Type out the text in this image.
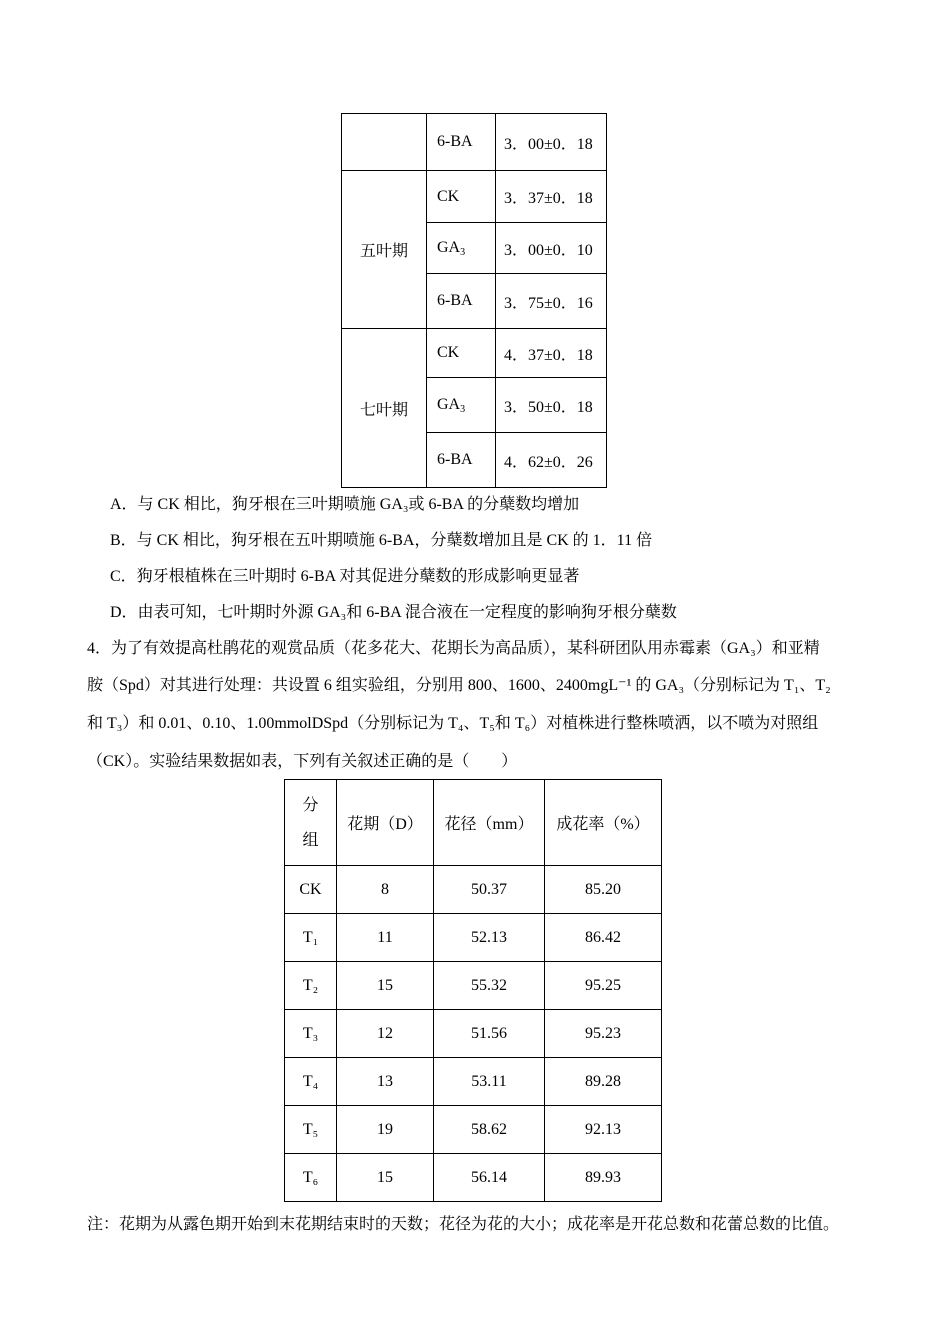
	6-BA	3．00±0．18
五叶期	CK	3．37±0．18
	$GA_3$	3．00±0．10
	6-BA	3．75±0．16
七叶期	CK	4．37±0．18
	$GA_3$	3．50±0．18
	6-BA	4．62±0．26
A．与 CK 相比，狗牙根在三叶期喷施 GA₃或 6-BA 的分蘖数均增加
B．与 CK 相比，狗牙根在五叶期喷施 6-BA，分蘖数增加且是 CK 的 1．11 倍
C．狗牙根植株在三叶期时 6-BA 对其促进分蘖数的形成影响更显著
D．由表可知，七叶期时外源 GA₃和 6-BA 混合液在一定程度的影响狗牙根分蘖数
4．为了有效提高杜鹃花的观赏品质（花多花大、花期长为高品质），某科研团队用赤霉素（GA₃）和亚精
胺（Spd）对其进行处理：共设置 6 组实验组，分别用 800、1600、2400mgL⁻¹ 的 GA₃（分别标记为 T₁、T₂
和 T₃）和 0.01、0.10、1.00mmolDSpd（分别标记为 T₄、T₅和 T₆）对植株进行整株喷洒，以不喷为对照组
（CK）。实验结果数据如表，下列有关叙述正确的是（　　）
分
组	花期（D）	花径（mm）	成花率（%）
CK	8	50.37	85.20
T₁	11	52.13	86.42
T₂	15	55.32	95.25
T₃	12	51.56	95.23
T₄	13	53.11	89.28
T₅	19	58.62	92.13
T₆	15	56.14	89.93
注：花期为从露色期开始到末花期结束时的天数；花径为花的大小；成花率是开花总数和花蕾总数的比值。
